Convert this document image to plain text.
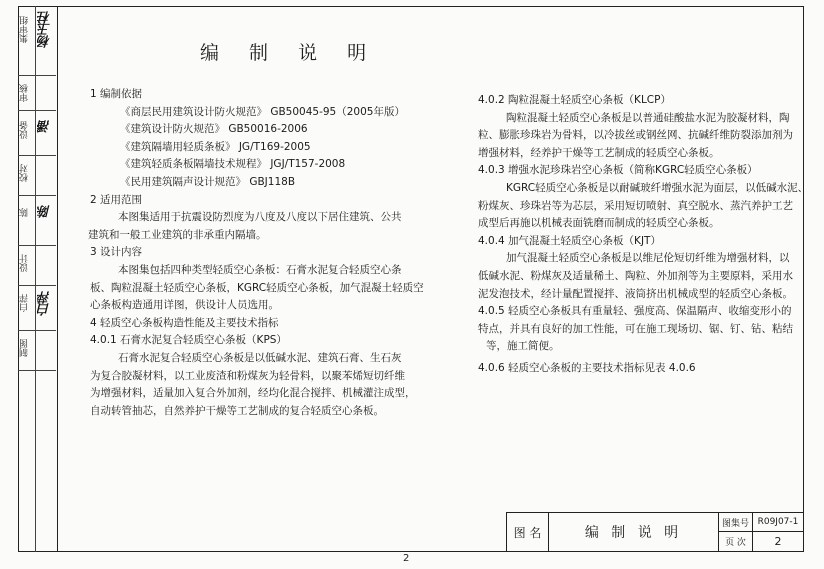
集审组 杨玉柱
审核
设备 潘
校对
陈 陈
设计
白萍 白萍
制图
编 制 说 明
1 编制依据
《商层民用建筑设计防火规范》 GB50045-95（2005年版）
《建筑设计防火规范》 GB50016-2006
《建筑隔墙用轻质条板》 JG/T169-2005
《建筑轻质条板隔墙技术规程》 JGJ/T157-2008
《民用建筑隔声设计规范》 GBJ118B
2 适用范围
本图集适用于抗震设防烈度为八度及八度以下居住建筑、公共
建筑和一般工业建筑的非承重内隔墙。
3 设计内容
本图集包括四种类型轻质空心条板：石膏水泥复合轻质空心条
板、陶粒混凝土轻质空心条板，KGRC轻质空心条板，加气混凝土轻质空
心条板构造通用详图，供设计人员选用。
4 轻质空心条板构造性能及主要技术指标
4.0.1 石膏水泥复合轻质空心条板（KPS）
石膏水泥复合轻质空心条板是以低碱水泥、建筑石膏、生石灰
为复合胶凝材料，以工业废渣和粉煤灰为轻骨料，以聚苯烯短切纤维
为增强材料，适量加入复合外加剂，经均化混合搅拌、机械灌注成型，
自动转管抽芯，自然养护干燥等工艺制成的复合轻质空心条板。
4.0.2 陶粒混凝土轻质空心条板（KLCP）
陶粒混凝土轻质空心条板是以普通硅酸盐水泥为胶凝材料，陶
粒、膨胀珍珠岩为骨料，以冷拔丝或钢丝网、抗碱纤维防裂添加剂为
增强材料，经养护干燥等工艺制成的轻质空心条板。
4.0.3 增强水泥珍珠岩空心条板（简称KGRC轻质空心条板）
KGRC轻质空心条板是以耐碱玻纤增强水泥为面层，以低碱水泥、
粉煤灰、珍珠岩等为芯层，采用短切喷射、真空脱水、蒸汽养护工艺
成型后再施以机械表面铣磨而制成的轻质空心条板。
4.0.4 加气混凝土轻质空心条板（KJT）
加气混凝土轻质空心条板是以维尼伦短切纤维为增强材料，以
低碱水泥、粉煤灰及适量稀土、陶粒、外加剂等为主要原料，采用水
泥发泡技术，经计量配置搅拌、液筒挤出机械成型的轻质空心条板。
4.0.5 轻质空心条板具有重量轻、强度高、保温隔声、收缩变形小的
特点，并具有良好的加工性能，可在施工现场切、锯、钉、钻、粘结
等，施工简便。
4.0.6 轻质空心条板的主要技术指标见表 4.0.6
图 名	编 制 说 明
图集号 R09J07-1
页 次	2
2
